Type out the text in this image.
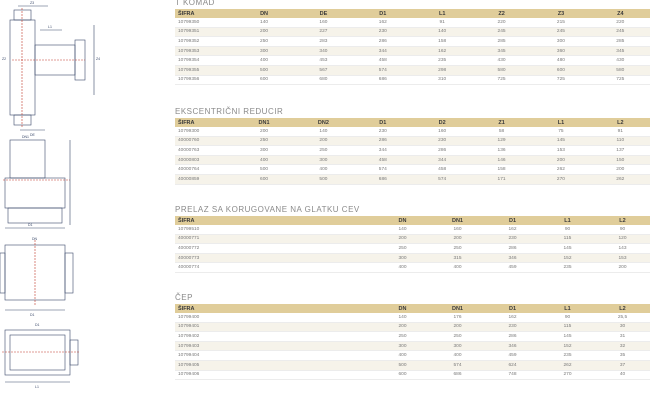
Z3
L1
Z2	Z4
DE
DN1
D1
DN
D1
D1
L1
T KOMAD
ŠIFRA	DN	DE	D1	L1	Z2	Z3	Z4
10799350	140	160	162	91	220	215	220
10799351	200	227	230	140	245	245	245
10799352	250	283	286	158	285	300	285
10799353	300	340	344	162	345	360	345
10799354	400	453	458	235	430	480	430
10799355	500	567	574	298	580	600	580
10799356	600	680	686	310	725	725	725
EKSCENTRIČNI REDUCIR
ŠIFRA	DN1	DN2	D1	D2	Z1	L1	L2
10799300	200	140	230	160	58	75	91
40000760	250	200	286	230	129	145	110
40000763	300	250	344	286	136	153	137
40000803	400	300	458	344	146	200	150
40000764	500	400	574	458	158	262	200
40000859	600	500	686	574	171	270	262
PRELAZ SA KORUGOVANE NA GLATKU CEV
ŠIFRA	DN	DN1	D1	L1	L2
10799510	140	160	162	90	90
40000771	200	200	230	115	120
40000772	250	250	286	145	143
40000773	300	315	346	152	153
40000774	400	400	459	235	200
ČEP
ŠIFRA	DN	DN1	D1	L1	L2
10799400	140	176	162	90	25,5
10799401	200	200	230	115	30
10799402	250	250	286	145	31
10799403	300	300	346	152	32
10799404	400	400	459	235	35
10799405	500	574	624	262	37
10799406	600	686	748	270	40
